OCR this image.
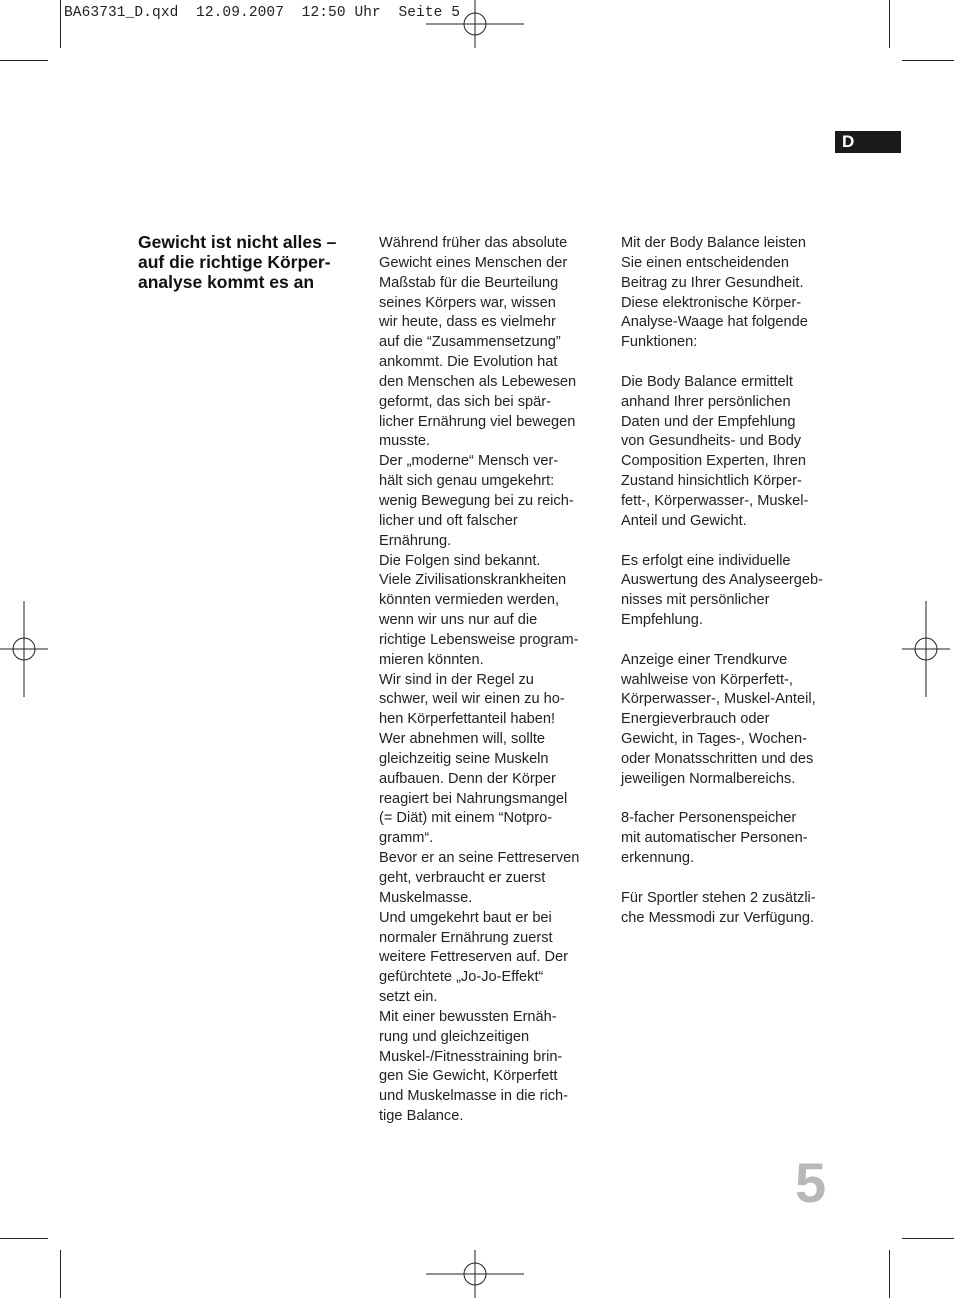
BA63731_D.qxd  12.09.2007  12:50 Uhr  Seite 5
D
Gewicht ist nicht alles –
auf die richtige Körper-
analyse kommt es an

Während früher das absolute
Gewicht eines Menschen der
Maßstab für die Beurteilung
seines Körpers war, wissen
wir heute, dass es vielmehr
auf die “Zusammensetzung”
ankommt. Die Evolution hat
den Menschen als Lebewesen
geformt, das sich bei spär-
licher Ernährung viel bewegen
musste.

Der „moderne“ Mensch ver-
hält sich genau umgekehrt:
wenig Bewegung bei zu reich-
licher und oft falscher
Ernährung.

Die Folgen sind bekannt.
Viele Zivilisationskrankheiten
könnten vermieden werden,
wenn wir uns nur auf die
richtige Lebensweise program-
mieren könnten.

Wir sind in der Regel zu
schwer, weil wir einen zu ho-
hen Körperfettanteil haben!

Wer abnehmen will, sollte
gleichzeitig seine Muskeln
aufbauen. Denn der Körper
reagiert bei Nahrungsmangel
(= Diät) mit einem “Notpro-
gramm“.

Bevor er an seine Fettreserven
geht, verbraucht er zuerst
Muskelmasse.

Und umgekehrt baut er bei
normaler Ernährung zuerst
weitere Fettreserven auf. Der
gefürchtete „Jo-Jo-Effekt“
setzt ein.

Mit einer bewussten Ernäh-
rung und gleichzeitigen
Muskel-/Fitnesstraining brin-
gen Sie Gewicht, Körperfett
und Muskelmasse in die rich-
tige Balance.

Mit der Body Balance leisten
Sie einen entscheidenden
Beitrag zu Ihrer Gesundheit.
Diese elektronische Körper-
Analyse-Waage hat folgende
Funktionen:

Die Body Balance ermittelt
anhand Ihrer persönlichen
Daten und der Empfehlung
von Gesundheits- und Body
Composition Experten, Ihren
Zustand hinsichtlich Körper-
fett-, Körperwasser-, Muskel-
Anteil und Gewicht.

Es erfolgt eine individuelle
Auswertung des Analyseergeb-
nisses mit persönlicher
Empfehlung.

Anzeige einer Trendkurve
wahlweise von Körperfett-,
Körperwasser-, Muskel-Anteil,
Energieverbrauch oder
Gewicht, in Tages-, Wochen-
oder Monatsschritten und des
jeweiligen Normalbereichs.

8-facher Personenspeicher
mit automatischer Personen-
erkennung.

Für Sportler stehen 2 zusätzli-
che Messmodi zur Verfügung.

5
